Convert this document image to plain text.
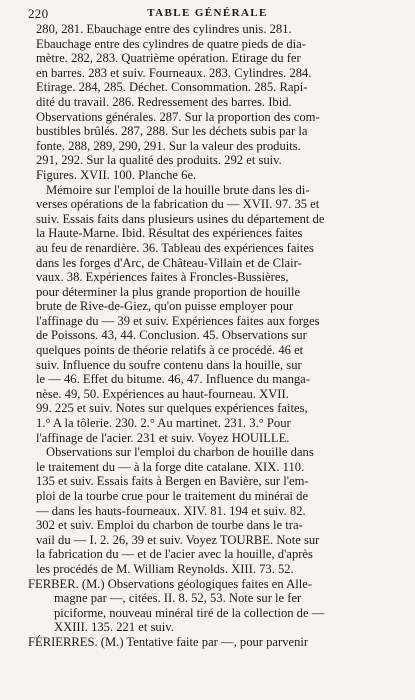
220	TABLE GÉNÉRALE
280, 281. Ebauchage entre des cylindres unis. 281.
Ebauchage entre des cylindres de quatre pieds de dia-
mètre. 282, 283. Quatrième opération. Etirage du fer
en barres. 283 et suiv. Fourneaux. 283. Cylindres. 284.
Etirage. 284, 285. Déchet. Consommation. 285. Rapi-
dité du travail. 286. Redressement des barres. Ibid.
Observations générales. 287. Sur la proportion des com-
bustibles brûlés. 287, 288. Sur les déchets subis par la
fonte. 288, 289, 290, 291. Sur la valeur des produits.
291, 292. Sur la qualité des produits. 292 et suiv.
Figures. XVII. 100. Planche 6e.
Mémoire sur l'emploi de la houille brute dans les di-
verses opérations de la fabrication du — XVII. 97. 35 et
suiv. Essais faits dans plusieurs usines du département de
la Haute-Marne. Ibid. Résultat des expériences faites
au feu de renardière. 36. Tableau des expériences faites
dans les forges d'Arc, de Château-Villain et de Clair-
vaux. 38. Expériences faites à Froncles-Bussières,
pour déterminer la plus grande proportion de houille
brute de Rive-de-Giez, qu'on puisse employer pour
l'affinage du — 39 et suiv. Expériences faites aux forges
de Poissons. 43, 44. Conclusion. 45. Observations sur
quelques points de théorie relatifs à ce procédé. 46 et
suiv. Influence du soufre contenu dans la houille, sur
le — 46. Effet du bitume. 46, 47. Influence du manga-
nèse. 49, 50. Expériences au haut-fourneau. XVII.
99. 225 et suiv. Notes sur quelques expériences faites,
1.° A la tôlerie. 230. 2.° Au martinet. 231. 3.° Pour
l'affinage de l'acier. 231 et suiv. Voyez HOUILLE.
Observations sur l'emploi du charbon de houille dans
le traitement du — à la forge dite catalane. XIX. 110.
135 et suiv. Essais faits à Bergen en Bavière, sur l'em-
ploi de la tourbe crue pour le traitement du minérai de
— dans les hauts-fourneaux. XIV. 81. 194 et suiv. 82.
302 et suiv. Emploi du charbon de tourbe dans le tra-
vail du — I. 2. 26, 39 et suiv. Voyez TOURBE. Note sur
la fabrication du — et de l'acier avec la houille, d'après
les procédés de M. William Reynolds. XIII. 73. 52.
FERBER. (M.) Observations géologiques faites en Alle-
magne par —, citées. II. 8. 52, 53. Note sur le fer
piciforme, nouveau minéral tiré de la collection de —
XXIII. 135. 221 et suiv.
FÉRIERRES. (M.) Tentative faite par —, pour parvenir
